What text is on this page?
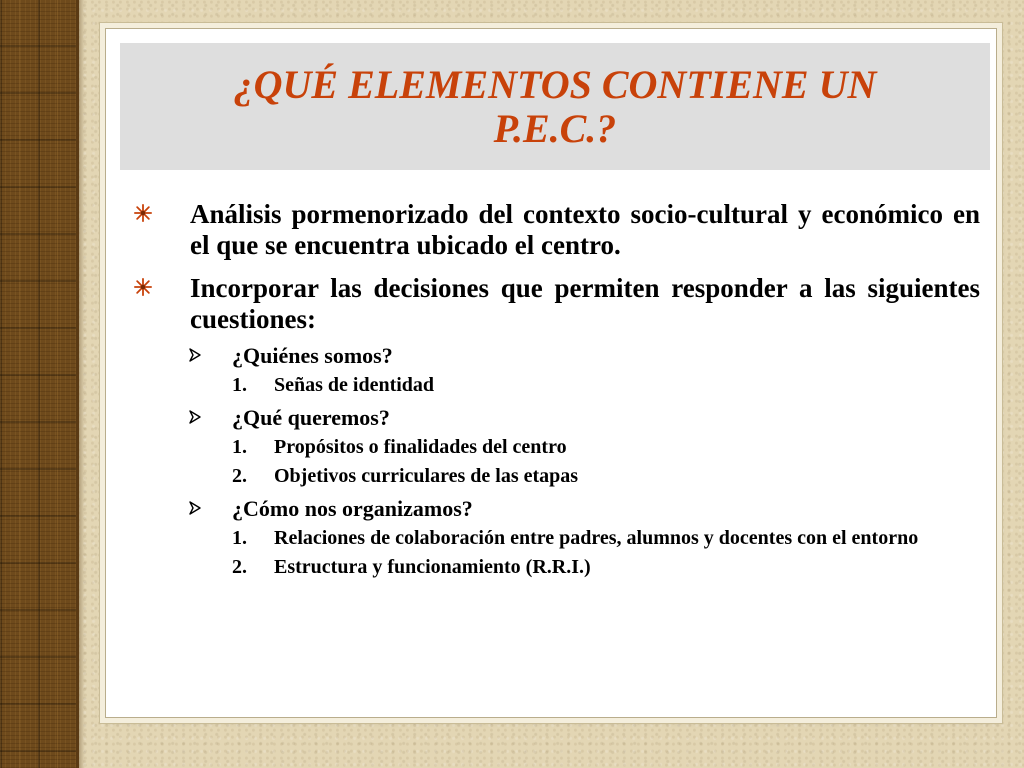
¿QUÉ ELEMENTOS CONTIENE UN
P.E.C.?
Análisis pormenorizado del contexto socio-cultural y económico en el que se encuentra ubicado el centro.
Incorporar las decisiones que permiten responder a las siguientes cuestiones:
¿Quiénes somos?
1. Señas de identidad
¿Qué queremos?
1. Propósitos o finalidades del centro
2. Objetivos curriculares de las etapas
¿Cómo nos organizamos?
1. Relaciones de colaboración entre padres, alumnos y docentes con el entorno
2. Estructura y funcionamiento (R.R.I.)
